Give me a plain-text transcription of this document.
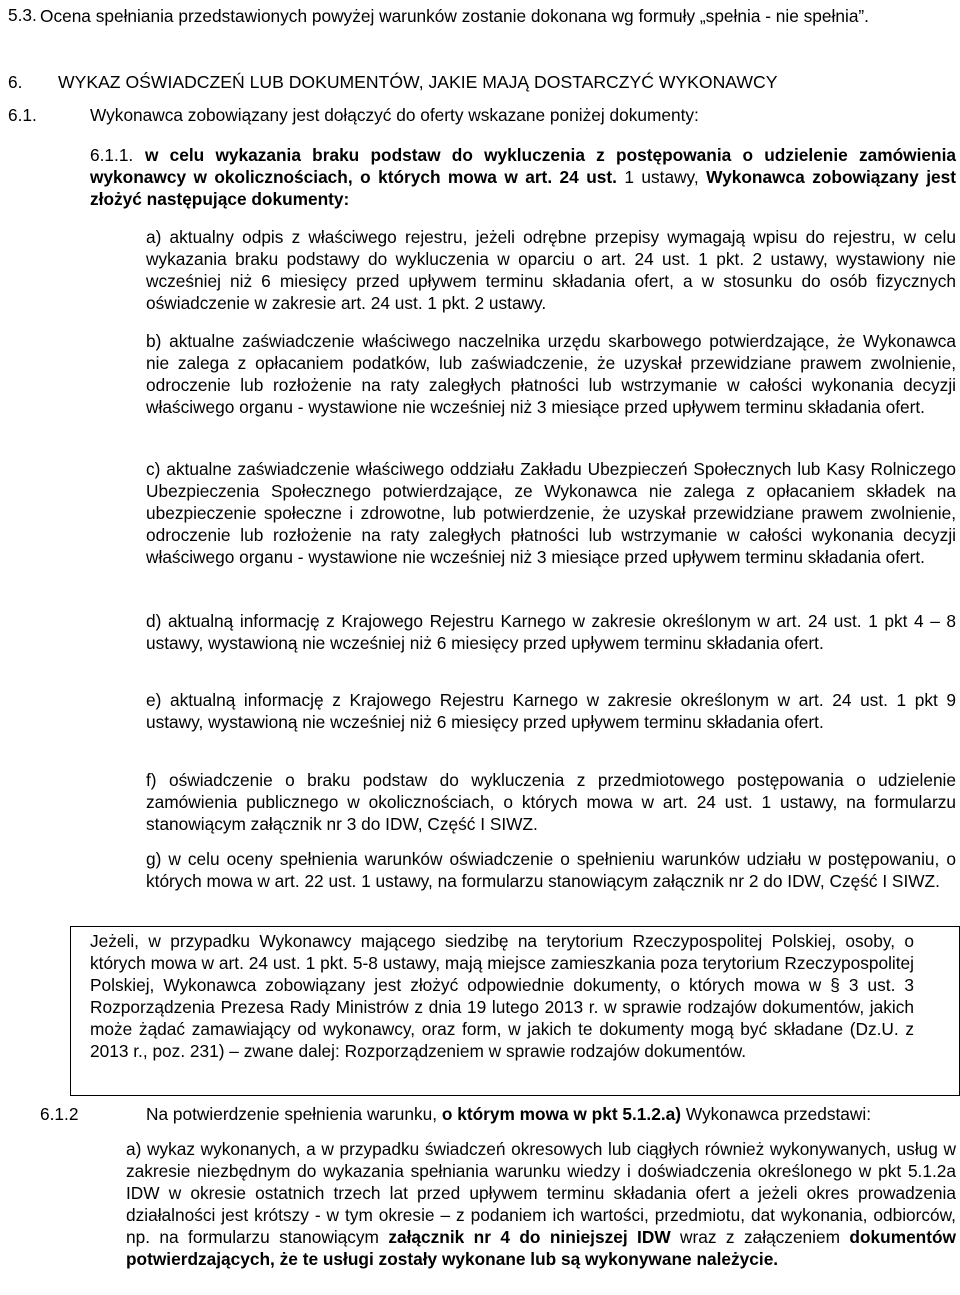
5.3. Ocena spełniania przedstawionych powyżej warunków zostanie dokonana wg formuły „spełnia - nie spełnia”.
6. WYKAZ OŚWIADCZEŃ LUB DOKUMENTÓW, JAKIE MAJĄ DOSTARCZYĆ WYKONAWCY
6.1.	Wykonawca zobowiązany jest dołączyć do oferty wskazane poniżej dokumenty:
6.1.1. w celu wykazania braku podstaw do wykluczenia z postępowania o udzielenie zamówienia wykonawcy w okolicznościach, o których mowa w art. 24 ust. 1 ustawy, Wykonawca zobowiązany jest złożyć następujące dokumenty:
a) aktualny odpis z właściwego rejestru, jeżeli odrębne przepisy wymagają wpisu do rejestru, w celu wykazania braku podstawy do wykluczenia w oparciu o art. 24 ust. 1 pkt. 2 ustawy, wystawiony nie wcześniej niż 6 miesięcy przed upływem terminu składania ofert, a w stosunku do osób fizycznych oświadczenie w zakresie art. 24 ust. 1 pkt. 2 ustawy.
b) aktualne zaświadczenie właściwego naczelnika urzędu skarbowego potwierdzające, że Wykonawca nie zalega z opłacaniem podatków, lub zaświadczenie, że uzyskał przewidziane prawem zwolnienie, odroczenie lub rozłożenie na raty zaległych płatności lub wstrzymanie w całości wykonania decyzji właściwego organu - wystawione nie wcześniej niż 3 miesiące przed upływem terminu składania ofert.
c) aktualne zaświadczenie właściwego oddziału Zakładu Ubezpieczeń Społecznych lub Kasy Rolniczego Ubezpieczenia Społecznego potwierdzające, ze Wykonawca nie zalega z opłacaniem składek na ubezpieczenie społeczne i zdrowotne, lub potwierdzenie, że uzyskał przewidziane prawem zwolnienie, odroczenie lub rozłożenie na raty zaległych płatności lub wstrzymanie w całości wykonania decyzji właściwego organu - wystawione nie wcześniej niż 3 miesiące przed upływem terminu składania ofert.
d) aktualną informację z Krajowego Rejestru Karnego w zakresie określonym w art. 24 ust. 1 pkt 4 – 8 ustawy, wystawioną nie wcześniej niż 6 miesięcy przed upływem terminu składania ofert.
e) aktualną informację z Krajowego Rejestru Karnego w zakresie określonym w art. 24 ust. 1 pkt 9 ustawy, wystawioną nie wcześniej niż 6 miesięcy przed upływem terminu składania ofert.
f) oświadczenie o braku podstaw do wykluczenia z przedmiotowego postępowania o udzielenie zamówienia publicznego w okolicznościach, o których mowa w art. 24 ust. 1 ustawy, na formularzu stanowiącym załącznik nr 3 do IDW, Część I SIWZ.
g) w celu oceny spełnienia warunków oświadczenie o spełnieniu warunków udziału w postępowaniu, o których mowa w art. 22 ust. 1 ustawy, na formularzu stanowiącym załącznik nr 2 do IDW, Część I SIWZ.
Jeżeli, w przypadku Wykonawcy mającego siedzibę na terytorium Rzeczypospolitej Polskiej, osoby, o których mowa w art. 24 ust. 1 pkt. 5-8 ustawy, mają miejsce zamieszkania poza terytorium Rzeczypospolitej Polskiej, Wykonawca zobowiązany jest złożyć odpowiednie dokumenty, o których mowa w § 3 ust. 3 Rozporządzenia Prezesa Rady Ministrów z dnia 19 lutego 2013 r. w sprawie rodzajów dokumentów, jakich może żądać zamawiający od wykonawcy, oraz form, w jakich te dokumenty mogą być składane (Dz.U. z 2013 r., poz. 231) – zwane dalej: Rozporządzeniem w sprawie rodzajów dokumentów.
6.1.2	Na potwierdzenie spełnienia warunku, o którym mowa w pkt 5.1.2.a) Wykonawca przedstawi:
a) wykaz wykonanych, a w przypadku świadczeń okresowych lub ciągłych również wykonywanych, usług w zakresie niezbędnym do wykazania spełniania warunku wiedzy i doświadczenia określonego w pkt 5.1.2a IDW w okresie ostatnich trzech lat przed upływem terminu składania ofert a jeżeli okres prowadzenia działalności jest krótszy - w tym okresie – z podaniem ich wartości, przedmiotu, dat wykonania, odbiorców, np. na formularzu stanowiącym załącznik nr 4 do niniejszej IDW wraz z załączeniem dokumentów potwierdzających, że te usługi zostały wykonane lub są wykonywane należycie.
